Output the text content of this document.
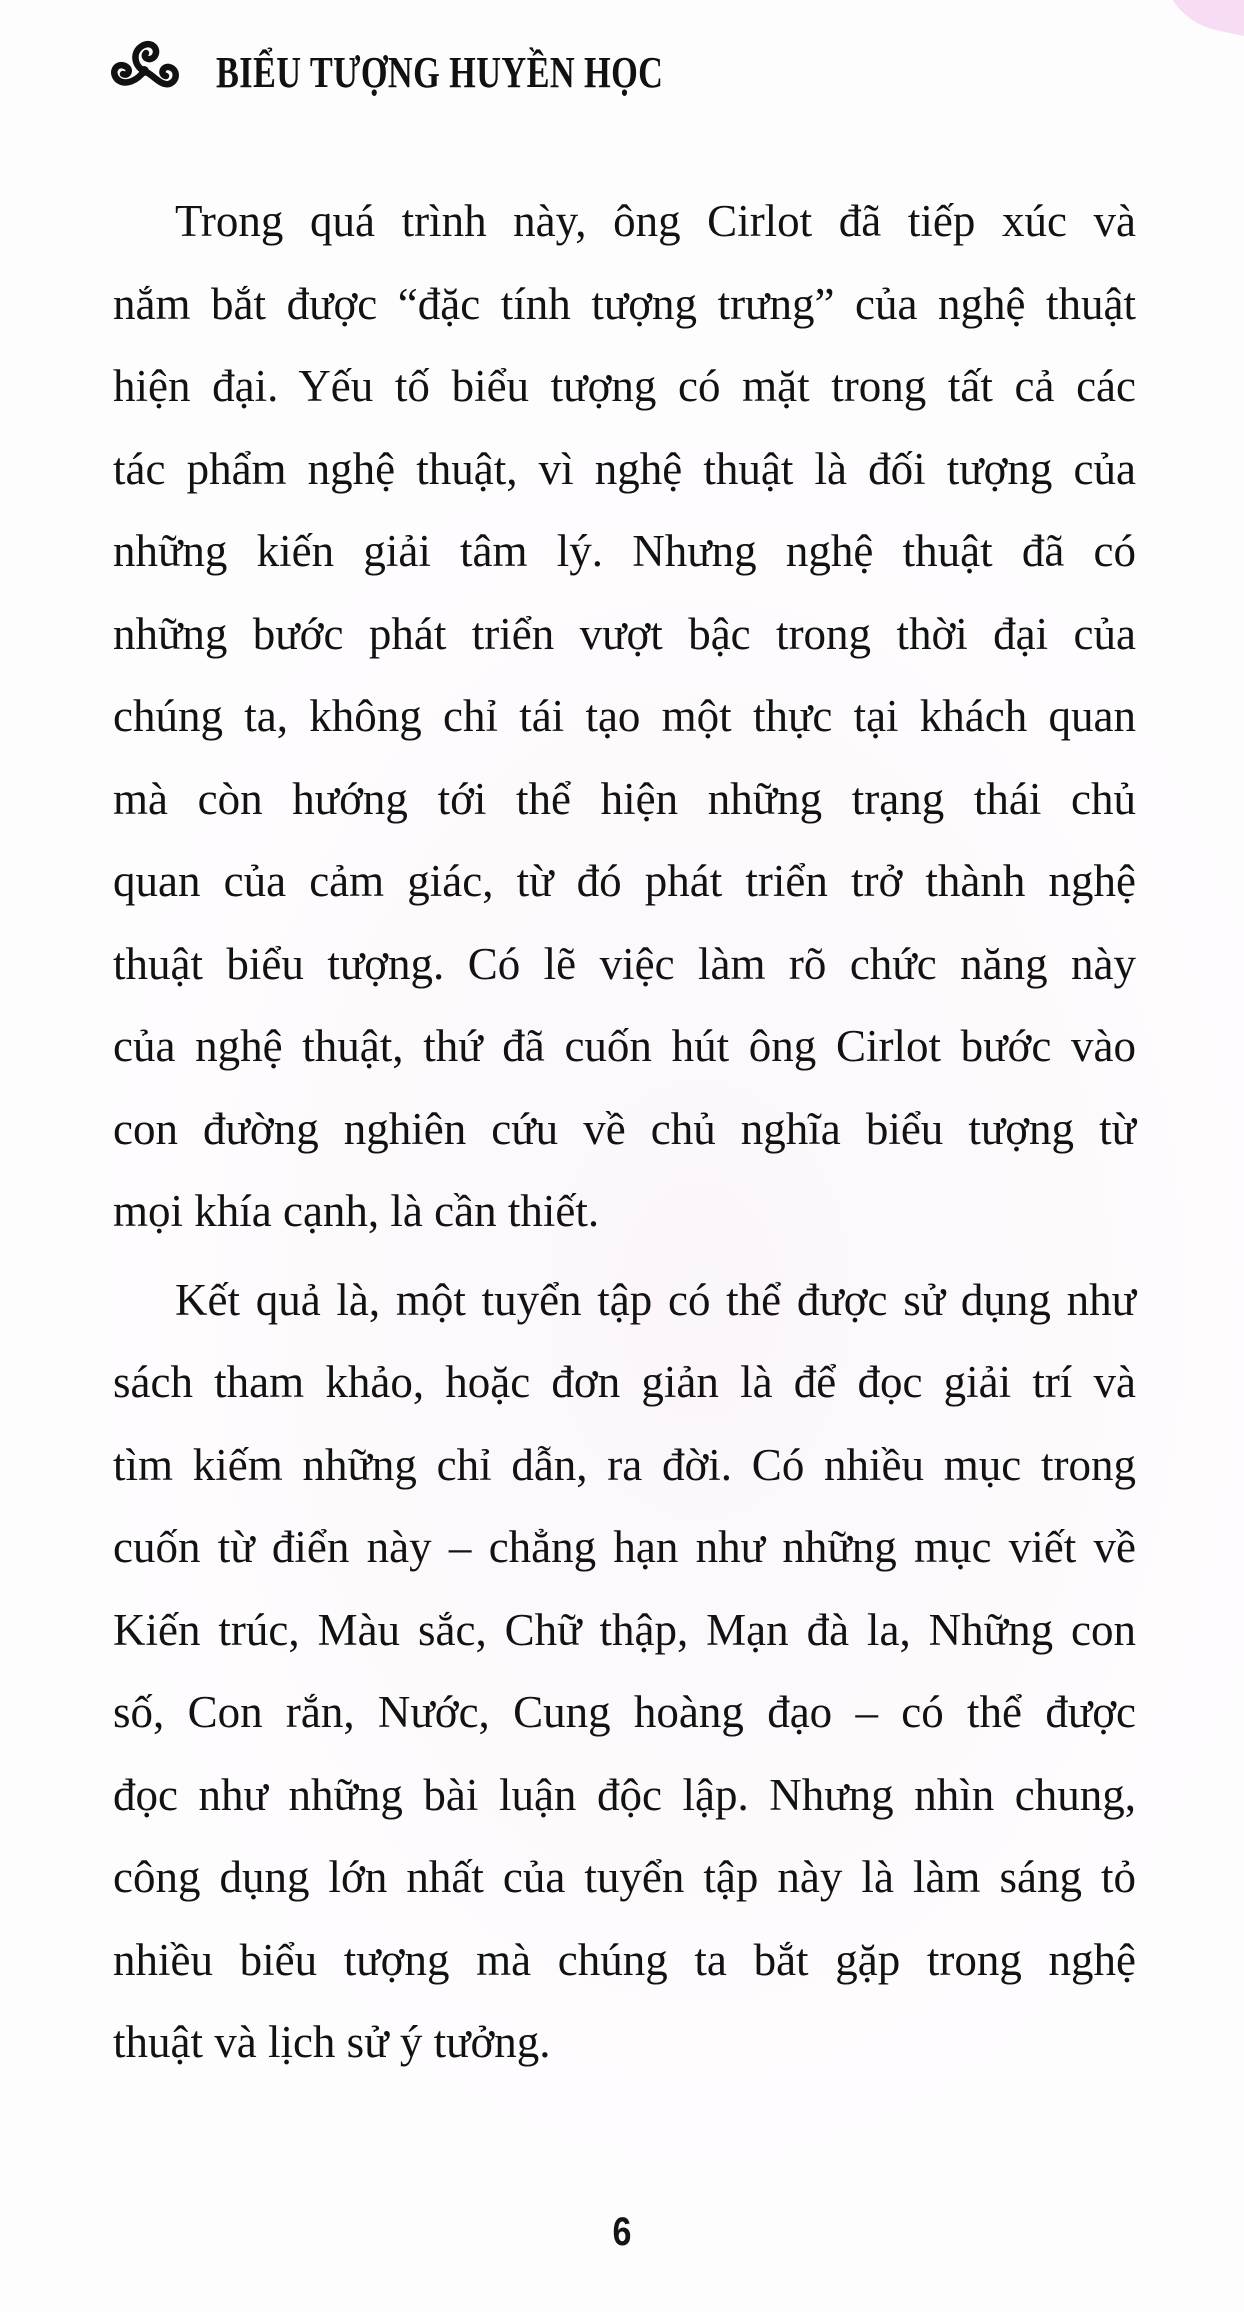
BIỂU TƯỢNG HUYỀN HỌC

Trong quá trình này, ông Cirlot đã tiếp xúc và
nắm bắt được “đặc tính tượng trưng” của nghệ thuật
hiện đại. Yếu tố biểu tượng có mặt trong tất cả các
tác phẩm nghệ thuật, vì nghệ thuật là đối tượng của
những kiến giải tâm lý. Nhưng nghệ thuật đã có
những bước phát triển vượt bậc trong thời đại của
chúng ta, không chỉ tái tạo một thực tại khách quan
mà còn hướng tới thể hiện những trạng thái chủ
quan của cảm giác, từ đó phát triển trở thành nghệ
thuật biểu tượng. Có lẽ việc làm rõ chức năng này
của nghệ thuật, thứ đã cuốn hút ông Cirlot bước vào
con đường nghiên cứu về chủ nghĩa biểu tượng từ
mọi khía cạnh, là cần thiết.

Kết quả là, một tuyển tập có thể được sử dụng như
sách tham khảo, hoặc đơn giản là để đọc giải trí và
tìm kiếm những chỉ dẫn, ra đời. Có nhiều mục trong
cuốn từ điển này – chẳng hạn như những mục viết về
Kiến trúc, Màu sắc, Chữ thập, Mạn đà la, Những con
số, Con rắn, Nước, Cung hoàng đạo – có thể được
đọc như những bài luận độc lập. Nhưng nhìn chung,
công dụng lớn nhất của tuyển tập này là làm sáng tỏ
nhiều biểu tượng mà chúng ta bắt gặp trong nghệ
thuật và lịch sử ý tưởng.

6
